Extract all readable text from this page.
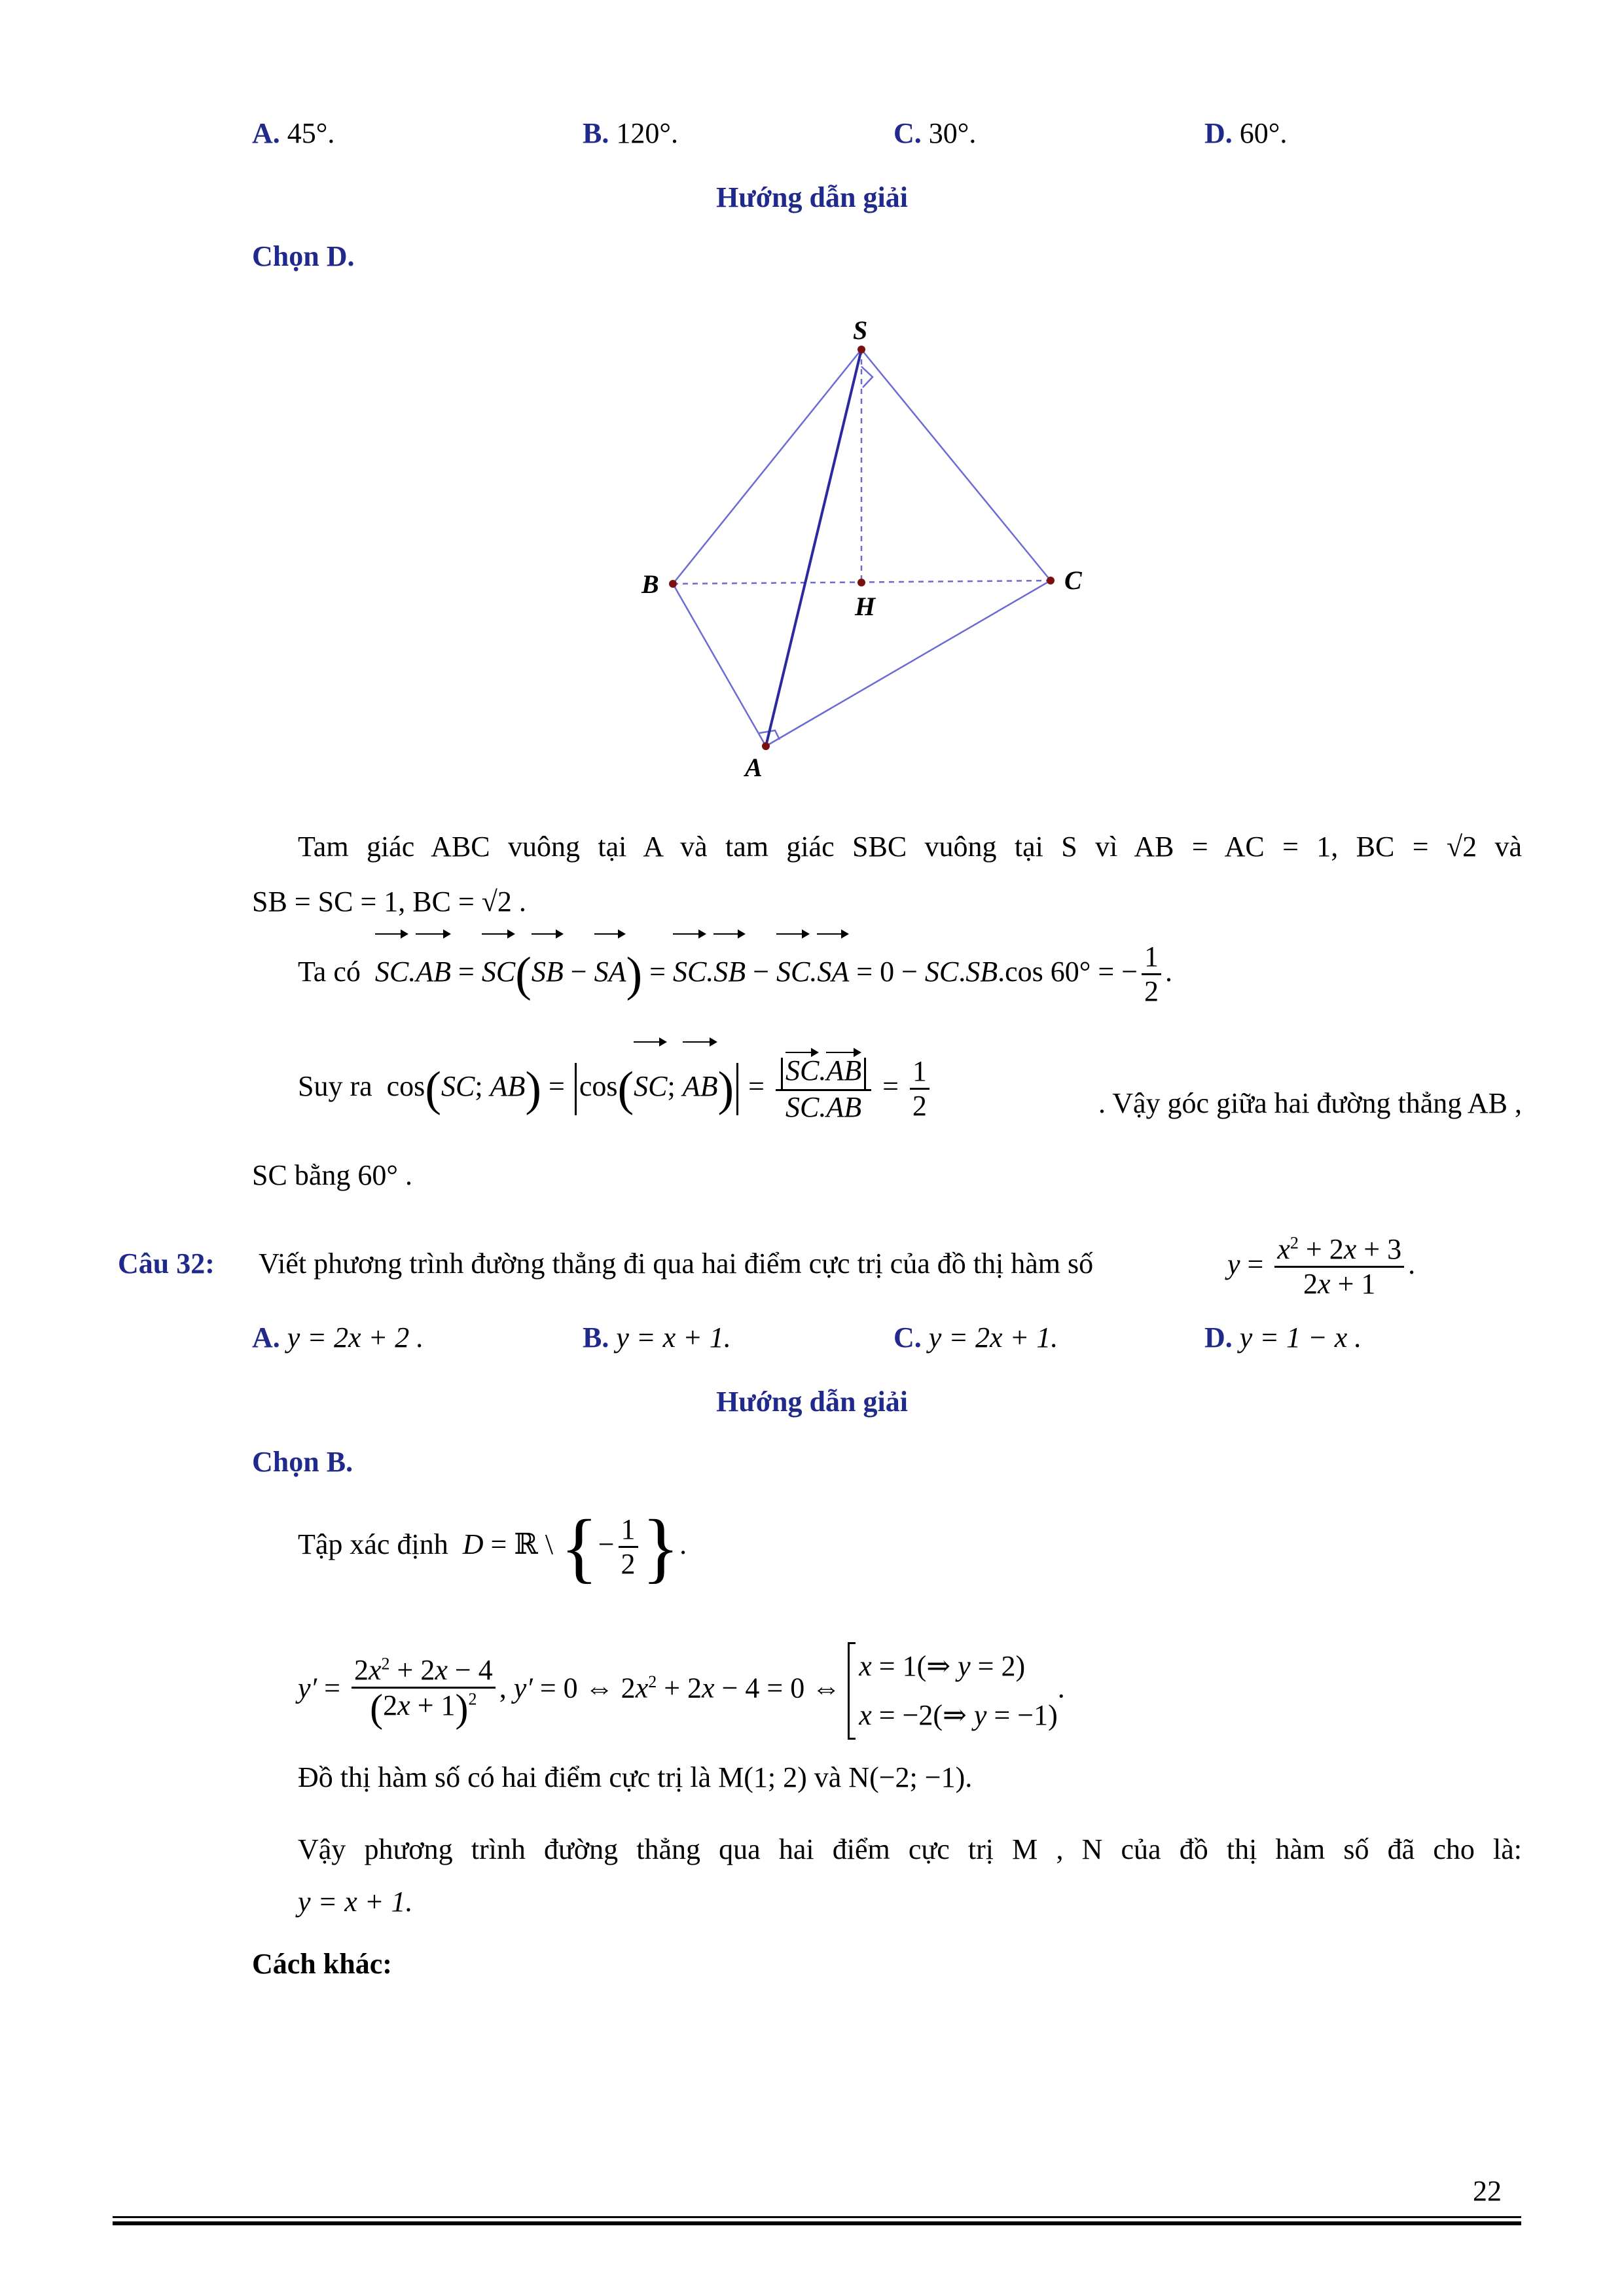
A. 45°.	B. 120°.	C. 30°.	D. 60°.
Hướng dẫn giải
Chọn D.
S
B	C
H
A
Tam giác ABC vuông tại A và tam giác SBC vuông tại S vì AB = AC = 1, BC = √2 và
SB = SC = 1, BC = √2 .
Ta có SC.AB = SC(SB − SA) = SC.SB − SC.SA = 0 − SC.SB.cos 60° = − $\frac{1}{2}$ .
Suy ra  cos(SC; AB) = cos(SC; $AB) = \frac{SC.AB}{SC.AB} = \frac{1}{2}$	. Vậy góc giữa hai đường thẳng AB ,
SC bằng 60° .
Câu 32: Viết phương trình đường thẳng đi qua hai điểm cực trị của đồ thị hàm số	$y = \frac{x^2 + 2x + 3}{2x + 1}$ .
A. y = 2x + 2 .	B. y = x + 1.	C. y = 2x + 1.	D. y = 1 − x .
Hướng dẫn giải
Chọn B.
Tập xác định D = ℝ \ {− $\frac{1}{2}$ }.
$y' = \frac{2x^2 + 2x - 4}{(2x + 1)^2}$ , y′ = 0 ⇔ $2x^2 + 2x - 4 = 0$ ⇔
x = 1(⇒ y = 2)
x = −2(⇒ y = −1)
.
Đồ thị hàm số có hai điểm cực trị là M(1; 2) và N(−2; −1).
Vậy phương trình đường thẳng qua hai điểm cực trị M , N của đồ thị hàm số đã cho là:
y = x + 1.
Cách khác:
22
